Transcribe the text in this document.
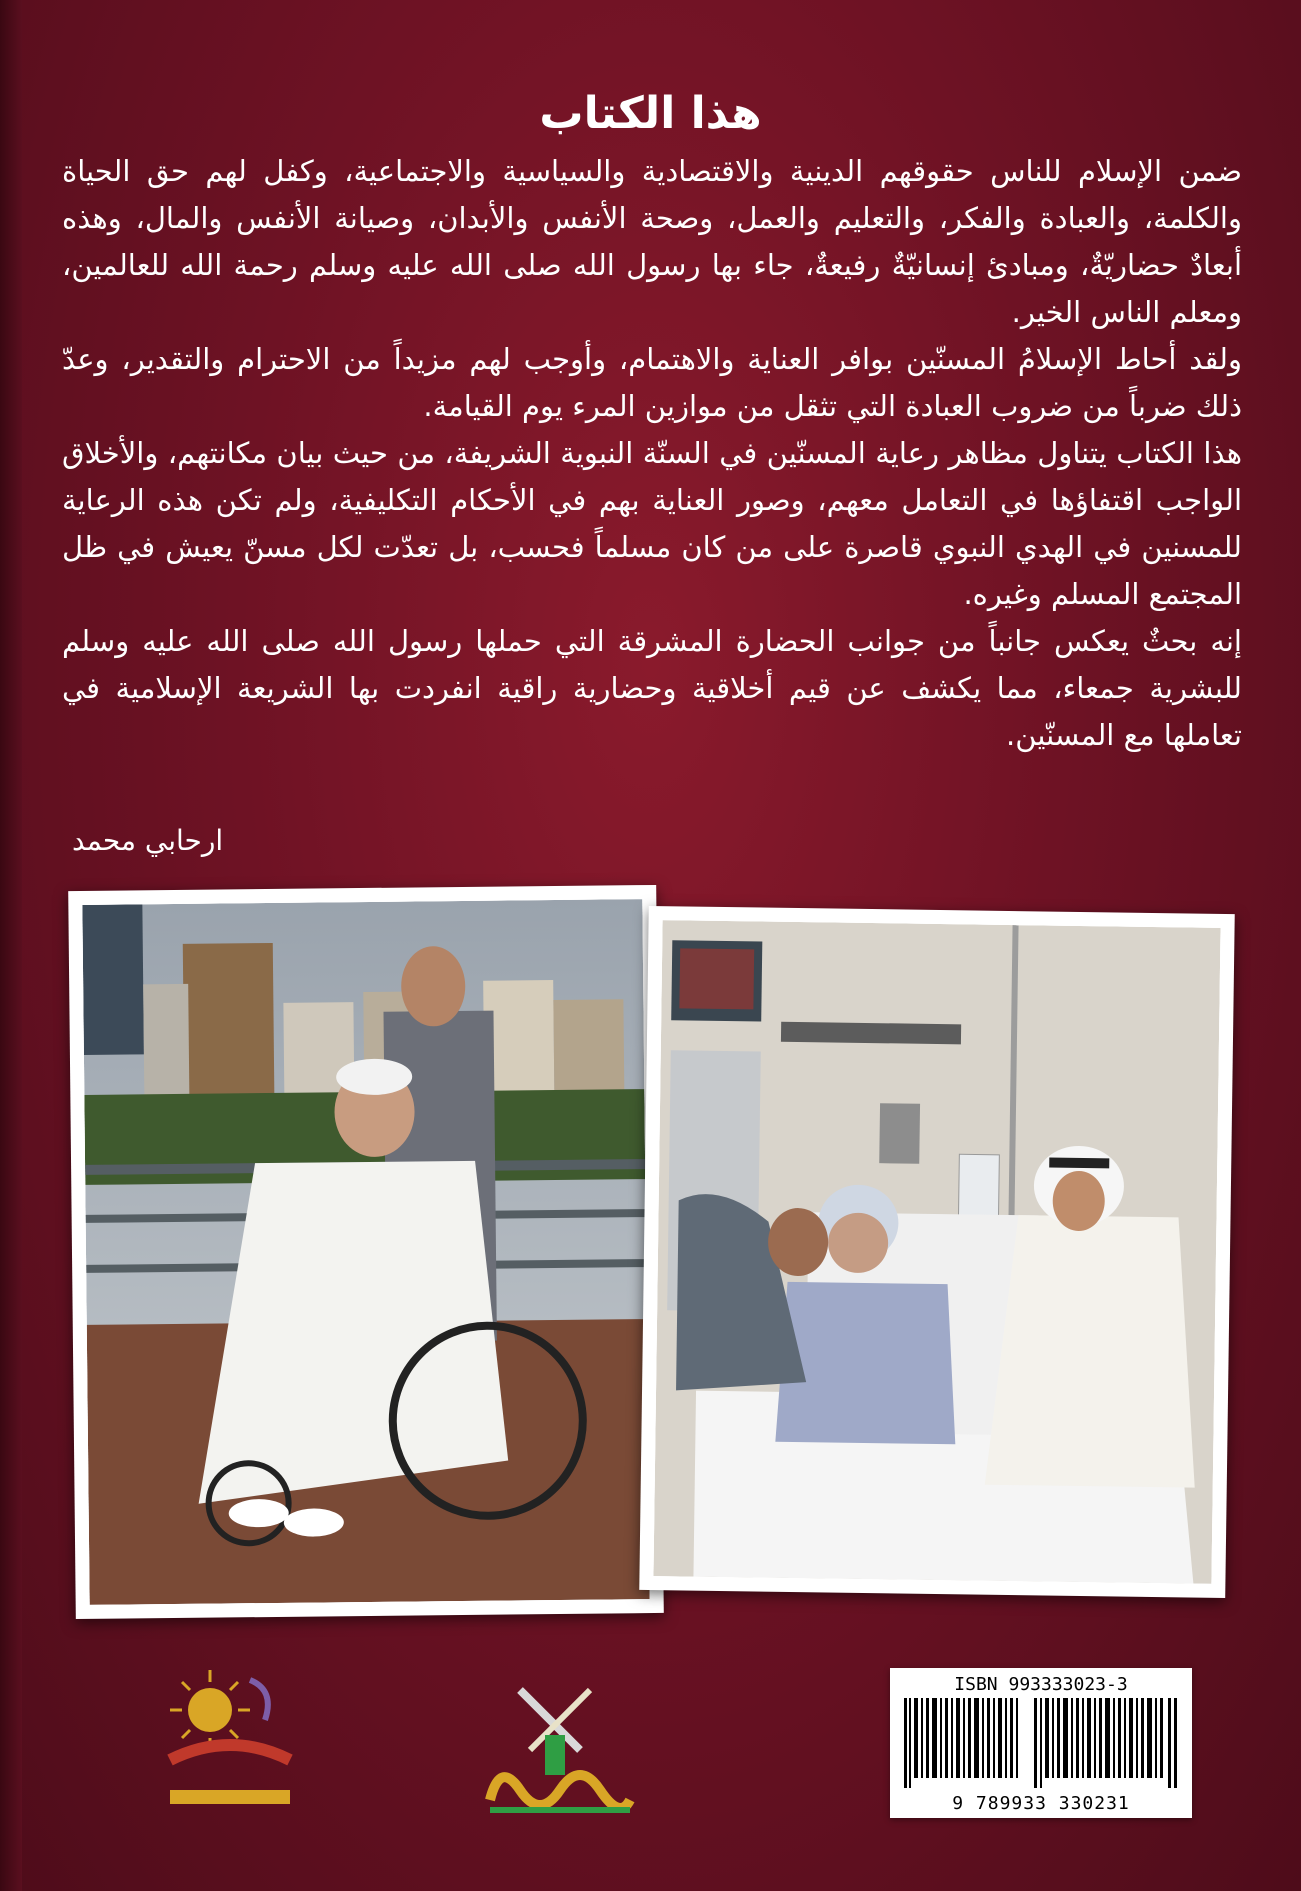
هذا الكتاب

ضمن الإسلام للناس حقوقهم الدينية والاقتصادية والسياسية والاجتماعية، وكفل لهم حق الحياة والكلمة، والعبادة والفكر، والتعليم والعمل، وصحة الأنفس والأبدان، وصيانة الأنفس والمال، وهذه أبعادٌ حضاريّةٌ، ومبادئ إنسانيّةٌ رفيعةٌ، جاء بها رسول الله صلى الله عليه وسلم رحمة الله للعالمين، ومعلم الناس الخير.

ولقد أحاط الإسلامُ المسنّين بوافر العناية والاهتمام، وأوجب لهم مزيداً من الاحترام والتقدير، وعدّ ذلك ضرباً من ضروب العبادة التي تثقل من موازين المرء يوم القيامة.

هذا الكتاب يتناول مظاهر رعاية المسنّين في السنّة النبوية الشريفة، من حيث بيان مكانتهم، والأخلاق الواجب اقتفاؤها في التعامل معهم، وصور العناية بهم في الأحكام التكليفية، ولم تكن هذه الرعاية للمسنين في الهدي النبوي قاصرة على من كان مسلماً فحسب، بل تعدّت لكل مسنّ يعيش في ظل المجتمع المسلم وغيره.

إنه بحثٌ يعكس جانباً من جوانب الحضارة المشرقة التي حملها رسول الله صلى الله عليه وسلم للبشرية جمعاء، مما يكشف عن قيم أخلاقية وحضارية راقية انفردت بها الشريعة الإسلامية في تعاملها مع المسنّين.

ارحابي محمد
ISBN 993333023-3
9 789933 330231
